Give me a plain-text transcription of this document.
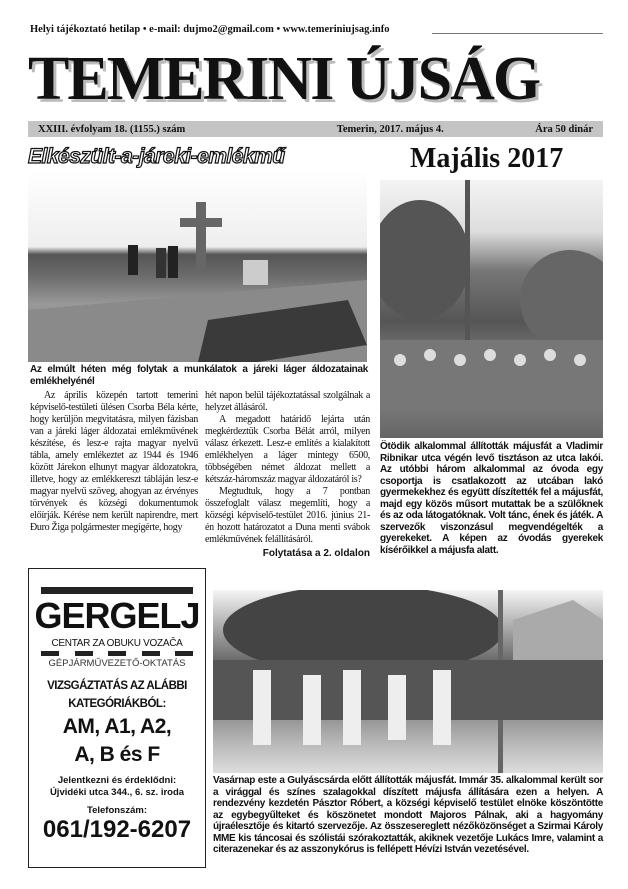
Helyi tájékoztató hetilap • e-mail: dujmo2@gmail.com • www.temeriniujsag.info
TEMERINI ÚJSÁG
XXIII. évfolyam 18. (1155.) szám	Temerin, 2017. május 4.	Ára 50 dinár
Elkészült-a-járeki-emlékmű	Majális 2017
Az elmúlt héten még folytak a munkálatok a járeki láger áldozatainak emlékhelyénél

Az április közepén tartott temerini képviselő-testületi ülésen Csorba Béla kérte, hogy kerüljön megvitatásra, milyen fázisban van a járeki láger áldozatai emlékművének készítése, és lesz-e rajta magyar nyelvű tábla, amely emlékeztet az 1944 és 1946 között Járekon elhunyt magyar áldozatokra, illetve, hogy az emlékkereszt tábláján lesz-e magyar nyelvű szöveg, ahogyan az érvényes törvények és községi dokumentumok előírják. Kérése nem került napirendre, mert Đuro Žiga polgármester megígérte, hogy

hét napon belül tájékoztatással szolgálnak a helyzet állásáról.

A megadott határidő lejárta után megkérdeztük Csorba Bélát arról, milyen válasz érkezett. Lesz-e említés a kialakított emlékhelyen a láger mintegy 6500, többségében német áldozat mellett a kétszáz-háromszáz magyar áldozatáról is?

Megtudtuk, hogy a 7 pontban összefoglalt válasz megemlíti, hogy a községi képviselő-testület 2016. június 21-én hozott határozatot a Duna menti svábok emlékművének felállításáról.

Folytatása a 2. oldalon
Ötödik alkalommal állították májusfát a Vladimir Ribnikar utca végén levő tisztáson az utca lakói. Az utóbbi három alkalommal az óvoda egy csoportja is csatlakozott az utcában lakó gyermekekhez és együtt díszítették fel a májusfát, majd egy közös műsort mutattak be a szülőknek és az oda látogatóknak. Volt tánc, ének és játék. A szervezők viszonzásul megvendégelték a gyerekeket. A képen az óvodás gyerekek kísérőikkel a májusfa alatt.
Vasárnap este a Gulyáscsárda előtt állították májusfát. Immár 35. alkalommal került sor a virággal és színes szalagokkal díszített májusfa állítására ezen a helyen. A rendezvény kezdetén Pásztor Róbert, a községi képviselő testület elnöke köszöntötte az egybegyűlteket és köszönetet mondott Majoros Pálnak, aki a hagyomány újraélesztője és kitartó szervezője. Az összesereglett nézőközönséget a Szirmai Károly MME kis táncosai és szólistái szórakoztatták, akiknek vezetője Lukács Imre, valamint a citerazenekar és az asszonykórus is fellépett Hévízi István vezetésével.
GERGELJ
CENTAR ZA OBUKU VOZAČA
GÉPJÁRMŰVEZETŐ-OKTATÁS
VIZSGÁZTATÁS AZ ALÁBBI
KATEGÓRIÁKBÓL:
AM, A1, A2,
A, B és F
Jelentkezni és érdeklődni:
Újvidéki utca 344., 6. sz. iroda
Telefonszám:
061/192-6207
